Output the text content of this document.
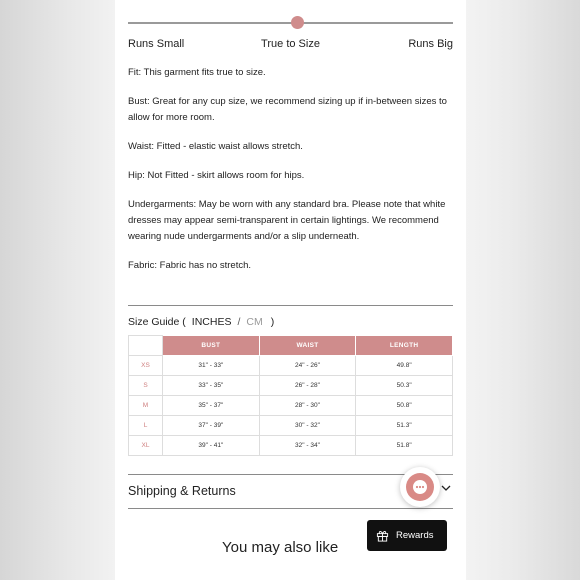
Runs Small	True to Size	Runs Big

Fit: This garment fits true to size.

Bust: Great for any cup size, we recommend sizing up if in-between sizes to allow for more room.

Waist: Fitted - elastic waist allows stretch.

Hip: Not Fitted - skirt allows room for hips.

Undergarments: May be worn with any standard bra. Please note that white dresses may appear semi-transparent in certain lightings. We recommend wearing nude undergarments and/or a slip underneath.

Fabric: Fabric has no stretch.

Size Guide ( INCHES / CM )
	BUST	WAIST	LENGTH
XS	31" - 33"	24" - 26"	49.8"
S	33" - 35"	26" - 28"	50.3"
M	35" - 37"	28" - 30"	50.8"
L	37" - 39"	30" - 32"	51.3"
XL	39" - 41"	32" - 34"	51.8"
Shipping & Returns
You may also like
Rewards
